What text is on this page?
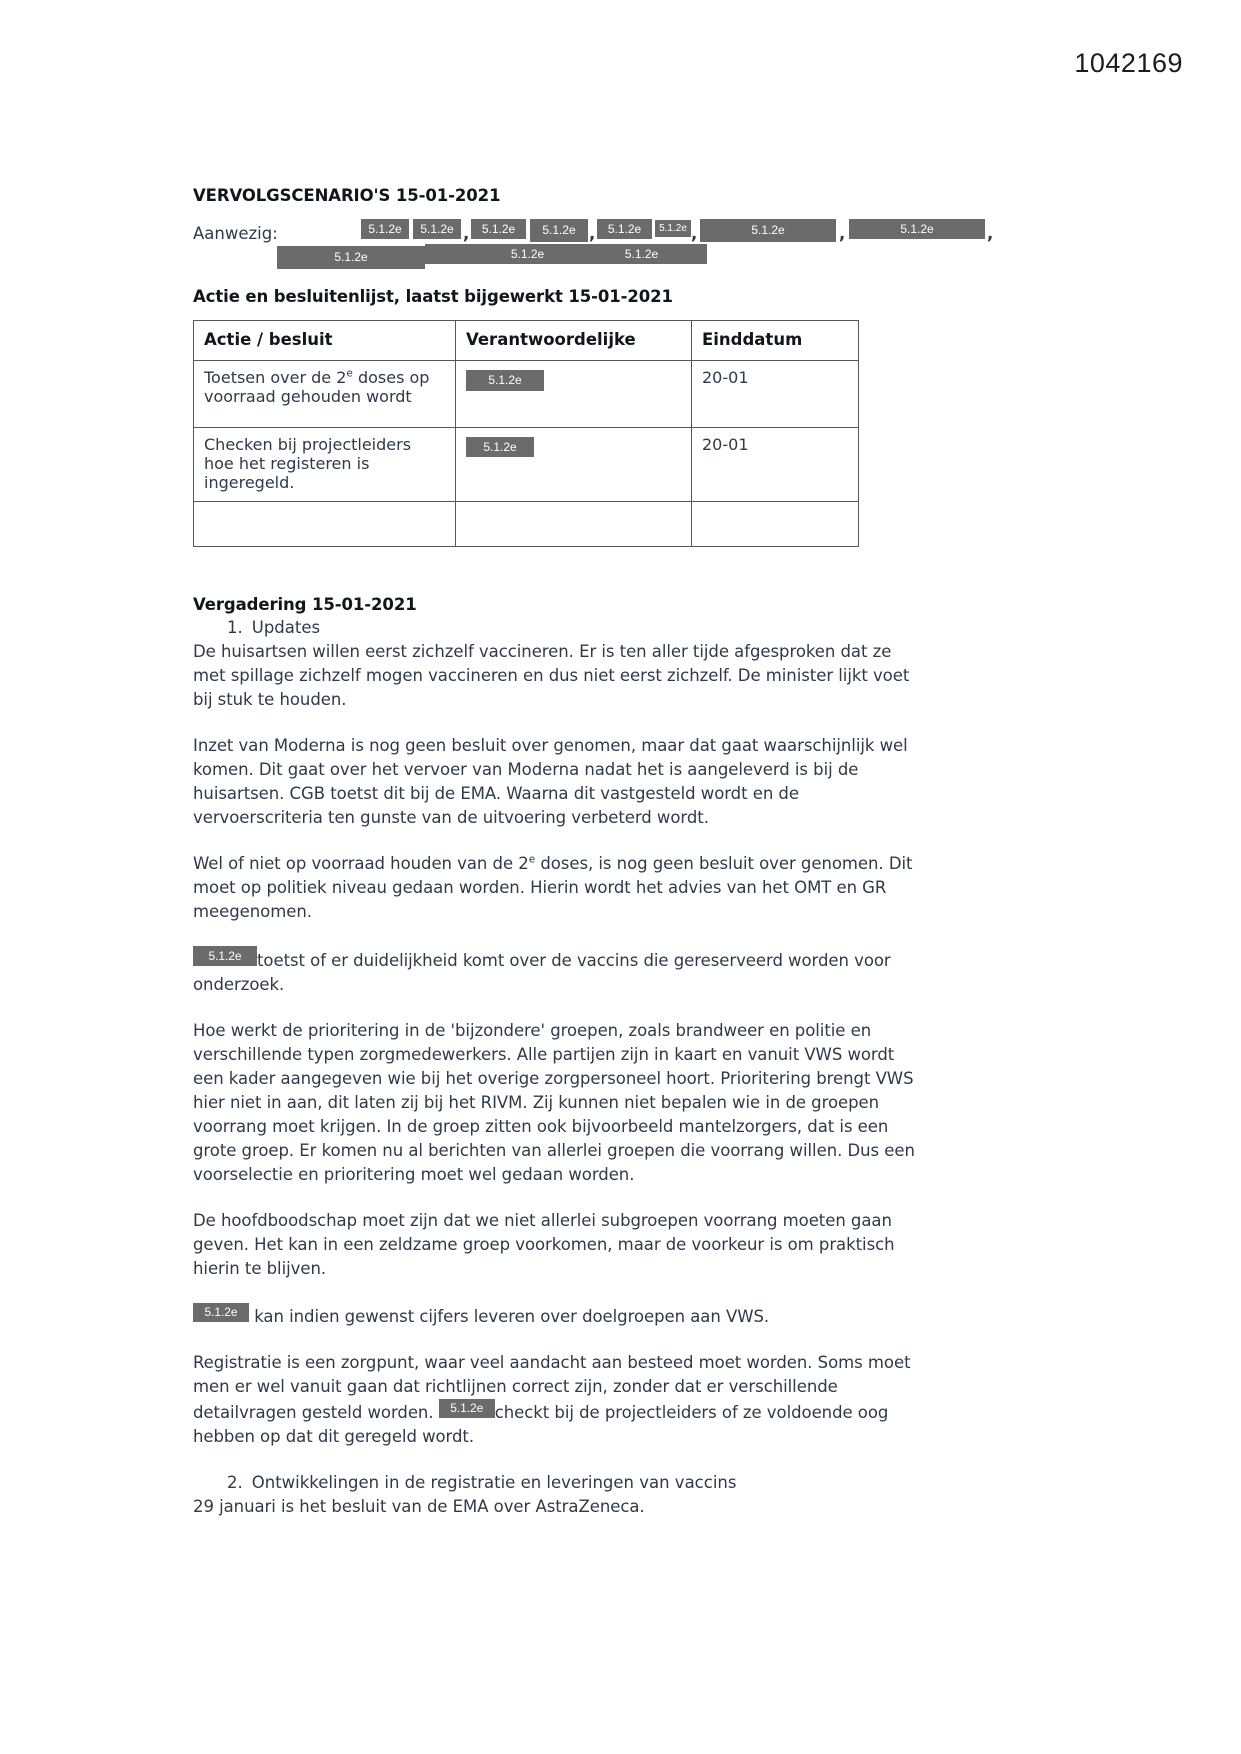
1042169
VERVOLGSCENARIO'S 15-01-2021
Aanwezig:	5.1.2e	5.1.2e	5.1.2e	5.1.2e	5.1.2e	5.1.2e	5.1.2e	5.1.2e
5.1.2e	5.1.2e	5.1.2e
,	,	,	,	,
Actie en besluitenlijst, laatst bijgewerkt 15-01-2021
Actie / besluit	Verantwoordelijke	Einddatum
Toetsen over de 2e doses op voorraad gehouden wordt	5.1.2e	20-01
Checken bij projectleiders hoe het registeren is ingeregeld.	5.1.2e	20-01

Vergadering 15-01-2021
1. Updates

De huisartsen willen eerst zichzelf vaccineren. Er is ten aller tijde afgesproken dat ze met spillage zichzelf mogen vaccineren en dus niet eerst zichzelf. De minister lijkt voet bij stuk te houden.

Inzet van Moderna is nog geen besluit over genomen, maar dat gaat waarschijnlijk wel komen. Dit gaat over het vervoer van Moderna nadat het is aangeleverd is bij de huisartsen. CGB toetst dit bij de EMA. Waarna dit vastgesteld wordt en de vervoerscriteria ten gunste van de uitvoering verbeterd wordt.

Wel of niet op voorraad houden van de 2e doses, is nog geen besluit over genomen. Dit moet op politiek niveau gedaan worden. Hierin wordt het advies van het OMT en GR meegenomen.

5.1.2e toetst of er duidelijkheid komt over de vaccins die gereserveerd worden voor onderzoek.

Hoe werkt de prioritering in de 'bijzondere' groepen, zoals brandweer en politie en verschillende typen zorgmedewerkers. Alle partijen zijn in kaart en vanuit VWS wordt een kader aangegeven wie bij het overige zorgpersoneel hoort. Prioritering brengt VWS hier niet in aan, dit laten zij bij het RIVM. Zij kunnen niet bepalen wie in de groepen voorrang moet krijgen. In de groep zitten ook bijvoorbeeld mantelzorgers, dat is een grote groep. Er komen nu al berichten van allerlei groepen die voorrang willen. Dus een voorselectie en prioritering moet wel gedaan worden.

De hoofdboodschap moet zijn dat we niet allerlei subgroepen voorrang moeten gaan geven. Het kan in een zeldzame groep voorkomen, maar de voorkeur is om praktisch hierin te blijven.

5.1.2e kan indien gewenst cijfers leveren over doelgroepen aan VWS.

Registratie is een zorgpunt, waar veel aandacht aan besteed moet worden. Soms moet men er wel vanuit gaan dat richtlijnen correct zijn, zonder dat er verschillende detailvragen gesteld worden. 5.1.2e checkt bij de projectleiders of ze voldoende oog hebben op dat dit geregeld wordt.

2. Ontwikkelingen in de registratie en leveringen van vaccins

29 januari is het besluit van de EMA over AstraZeneca.
